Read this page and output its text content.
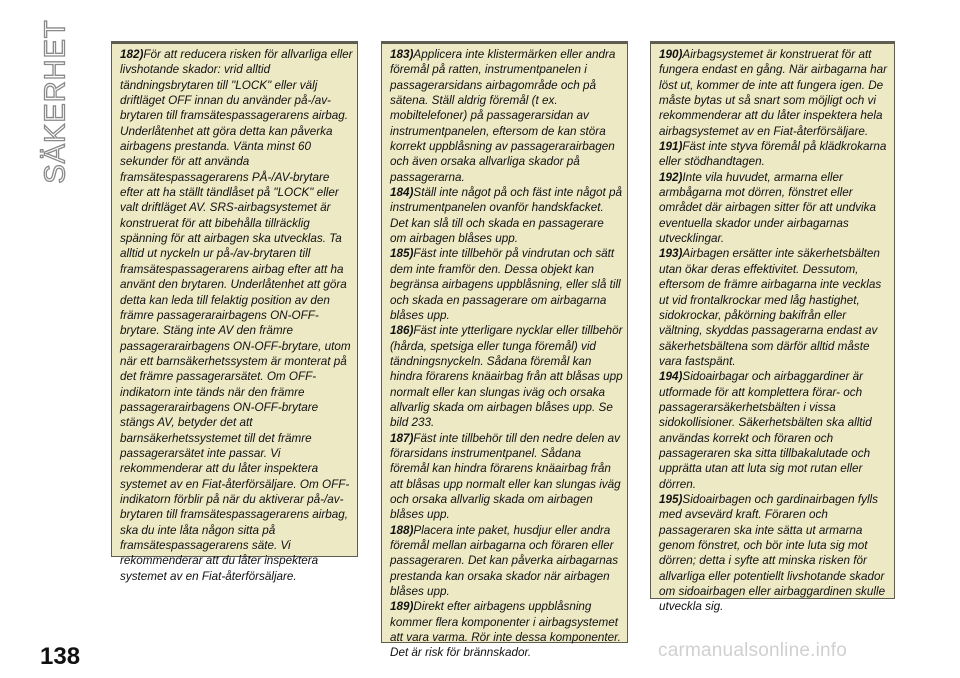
SÄKERHET	182)För att reducera risken för allvarliga eller livshotande skador: vrid alltid tändningsbrytaren till "LOCK" eller välj driftläget OFF innan du använder på-/av-brytaren till framsätespassagerarens airbag. Underlåtenhet att göra detta kan påverka airbagens prestanda. Vänta minst 60 sekunder för att använda framsätespassagerarens PÅ-/AV-brytare efter att ha ställt tändlåset på "LOCK" eller valt driftläget AV. SRS-airbagsystemet är konstruerat för att bibehålla tillräcklig spänning för att airbagen ska utvecklas. Ta alltid ut nyckeln ur på-/av-brytaren till framsätespassagerarens airbag efter att ha använt den brytaren. Underlåtenhet att göra detta kan leda till felaktig position av den främre passagerarairbagens ON-OFF-brytare. Stäng inte AV den främre passagerarairbagens ON-OFF-brytare, utom när ett barnsäkerhetssystem är monterat på det främre passagerarsätet. Om OFF-indikatorn inte tänds när den främre passagerarairbagens ON-OFF-brytare stängs AV, betyder det att barnsäkerhetssystemet till det främre passagerarsätet inte passar. Vi rekommenderar att du låter inspektera systemet av en Fiat-återförsäljare. Om OFF-indikatorn förblir på när du aktiverar på-/av-brytaren till framsätespassagerarens airbag, ska du inte låta någon sitta på framsätespassagerarens säte. Vi rekommenderar att du låter inspektera systemet av en Fiat-återförsäljare.

183)Applicera inte klistermärken eller andra föremål på ratten, instrumentpanelen i passagerarsidans airbagområde och på sätena. Ställ aldrig föremål (t ex. mobiltelefoner) på passagerarsidan av instrumentpanelen, eftersom de kan störa korrekt uppblåsning av passagerarairbagen och även orsaka allvarliga skador på passagerarna.

184)Ställ inte något på och fäst inte något på instrumentpanelen ovanför handskfacket. Det kan slå till och skada en passagerare om airbagen blåses upp.

185)Fäst inte tillbehör på vindrutan och sätt dem inte framför den. Dessa objekt kan begränsa airbagens uppblåsning, eller slå till och skada en passagerare om airbagarna blåses upp.

186)Fäst inte ytterligare nycklar eller tillbehör (hårda, spetsiga eller tunga föremål) vid tändningsnyckeln. Sådana föremål kan hindra förarens knäairbag från att blåsas upp normalt eller kan slungas iväg och orsaka allvarlig skada om airbagen blåses upp. Se bild 233.

187)Fäst inte tillbehör till den nedre delen av förarsidans instrumentpanel. Sådana föremål kan hindra förarens knäairbag från att blåsas upp normalt eller kan slungas iväg och orsaka allvarlig skada om airbagen blåses upp.

188)Placera inte paket, husdjur eller andra föremål mellan airbagarna och föraren eller passageraren. Det kan påverka airbagarnas prestanda kan orsaka skador när airbagen blåses upp.

189)Direkt efter airbagens uppblåsning kommer flera komponenter i airbagsystemet att vara varma. Rör inte dessa komponenter. Det är risk för brännskador.

190)Airbagsystemet är konstruerat för att fungera endast en gång. När airbagarna har löst ut, kommer de inte att fungera igen. De måste bytas ut så snart som möjligt och vi rekommenderar att du låter inspektera hela airbagsystemet av en Fiat-återförsäljare.

191)Fäst inte styva föremål på klädkrokarna eller stödhandtagen.

192)Inte vila huvudet, armarna eller armbågarna mot dörren, fönstret eller området där airbagen sitter för att undvika eventuella skador under airbagarnas utvecklingar.

193)Airbagen ersätter inte säkerhetsbälten utan ökar deras effektivitet. Dessutom, eftersom de främre airbagarna inte vecklas ut vid frontalkrockar med låg hastighet, sidokrockar, påkörning bakifrån eller vältning, skyddas passagerarna endast av säkerhetsbältena som därför alltid måste vara fastspänt.

194)Sidoairbagar och airbaggardiner är utformade för att komplettera förar- och passagerarsäkerhetsbälten i vissa sidokollisioner. Säkerhetsbälten ska alltid användas korrekt och föraren och passageraren ska sitta tillbakalutade och upprätta utan att luta sig mot rutan eller dörren.

195)Sidoairbagen och gardinairbagen fylls med avsevärd kraft. Föraren och passageraren ska inte sätta ut armarna genom fönstret, och bör inte luta sig mot dörren; detta i syfte att minska risken för allvarliga eller potentiellt livshotande skador om sidoairbagen eller airbaggardinen skulle utveckla sig.

138	carmanualsonline.info
